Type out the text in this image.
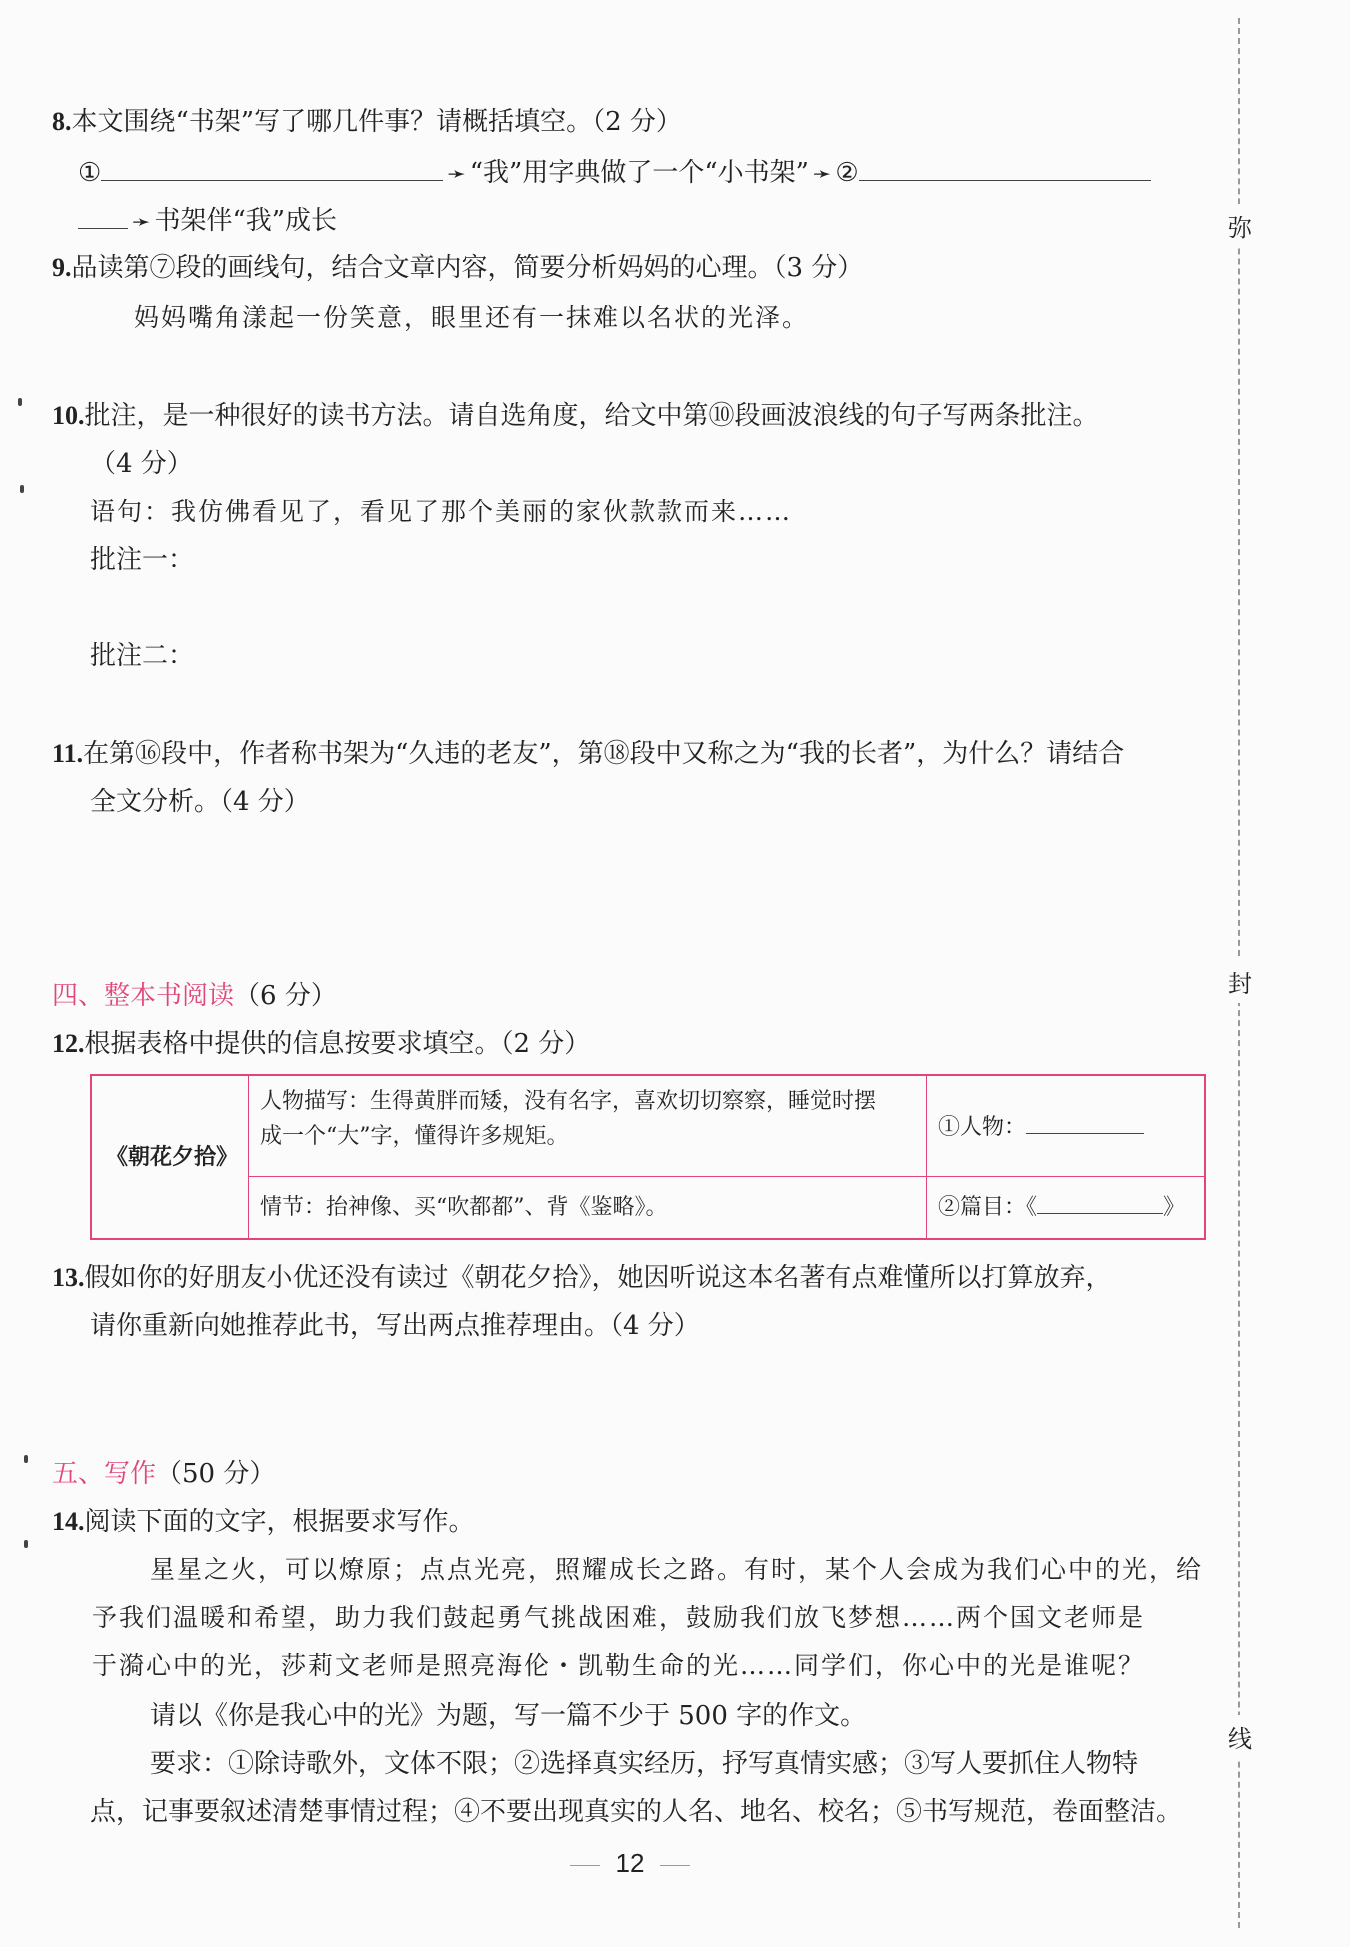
弥
封
线
8.本文围绕“书架”写了哪几件事？请概括填空。（2 分）
①	➛ “我”用字典做了一个“小书架” ➛ ②
➛ 书架伴“我”成长
9.品读第⑦段的画线句，结合文章内容，简要分析妈妈的心理。（3 分）
妈妈嘴角漾起一份笑意，眼里还有一抹难以名状的光泽。
10.批注，是一种很好的读书方法。请自选角度，给文中第⑩段画波浪线的句子写两条批注。
（4 分）
语句：我仿佛看见了，看见了那个美丽的家伙款款而来……
批注一：
批注二：
11.在第⑯段中，作者称书架为“久违的老友”，第⑱段中又称之为“我的长者”，为什么？请结合
全文分析。（4 分）
四、整本书阅读（6 分）
12.根据表格中提供的信息按要求填空。（2 分）
《朝花夕拾》
人物描写：生得黄胖而矮，没有名字，喜欢切切察察，睡觉时摆
成一个“大”字，懂得许多规矩。
情节：抬神像、买“吹都都”、背《鉴略》。
①人物：
②篇目：《	》
13.假如你的好朋友小优还没有读过《朝花夕拾》，她因听说这本名著有点难懂所以打算放弃，
请你重新向她推荐此书，写出两点推荐理由。（4 分）
五、写作（50 分）
14.阅读下面的文字，根据要求写作。
星星之火，可以燎原；点点光亮，照耀成长之路。有时，某个人会成为我们心中的光，给
予我们温暖和希望，助力我们鼓起勇气挑战困难，鼓励我们放飞梦想……两个国文老师是
于漪心中的光，莎莉文老师是照亮海伦・凯勒生命的光……同学们，你心中的光是谁呢？
请以《你是我心中的光》为题，写一篇不少于 500 字的作文。
要求：①除诗歌外，文体不限；②选择真实经历，抒写真情实感；③写人要抓住人物特
点，记事要叙述清楚事情过程；④不要出现真实的人名、地名、校名；⑤书写规范，卷面整洁。
12
